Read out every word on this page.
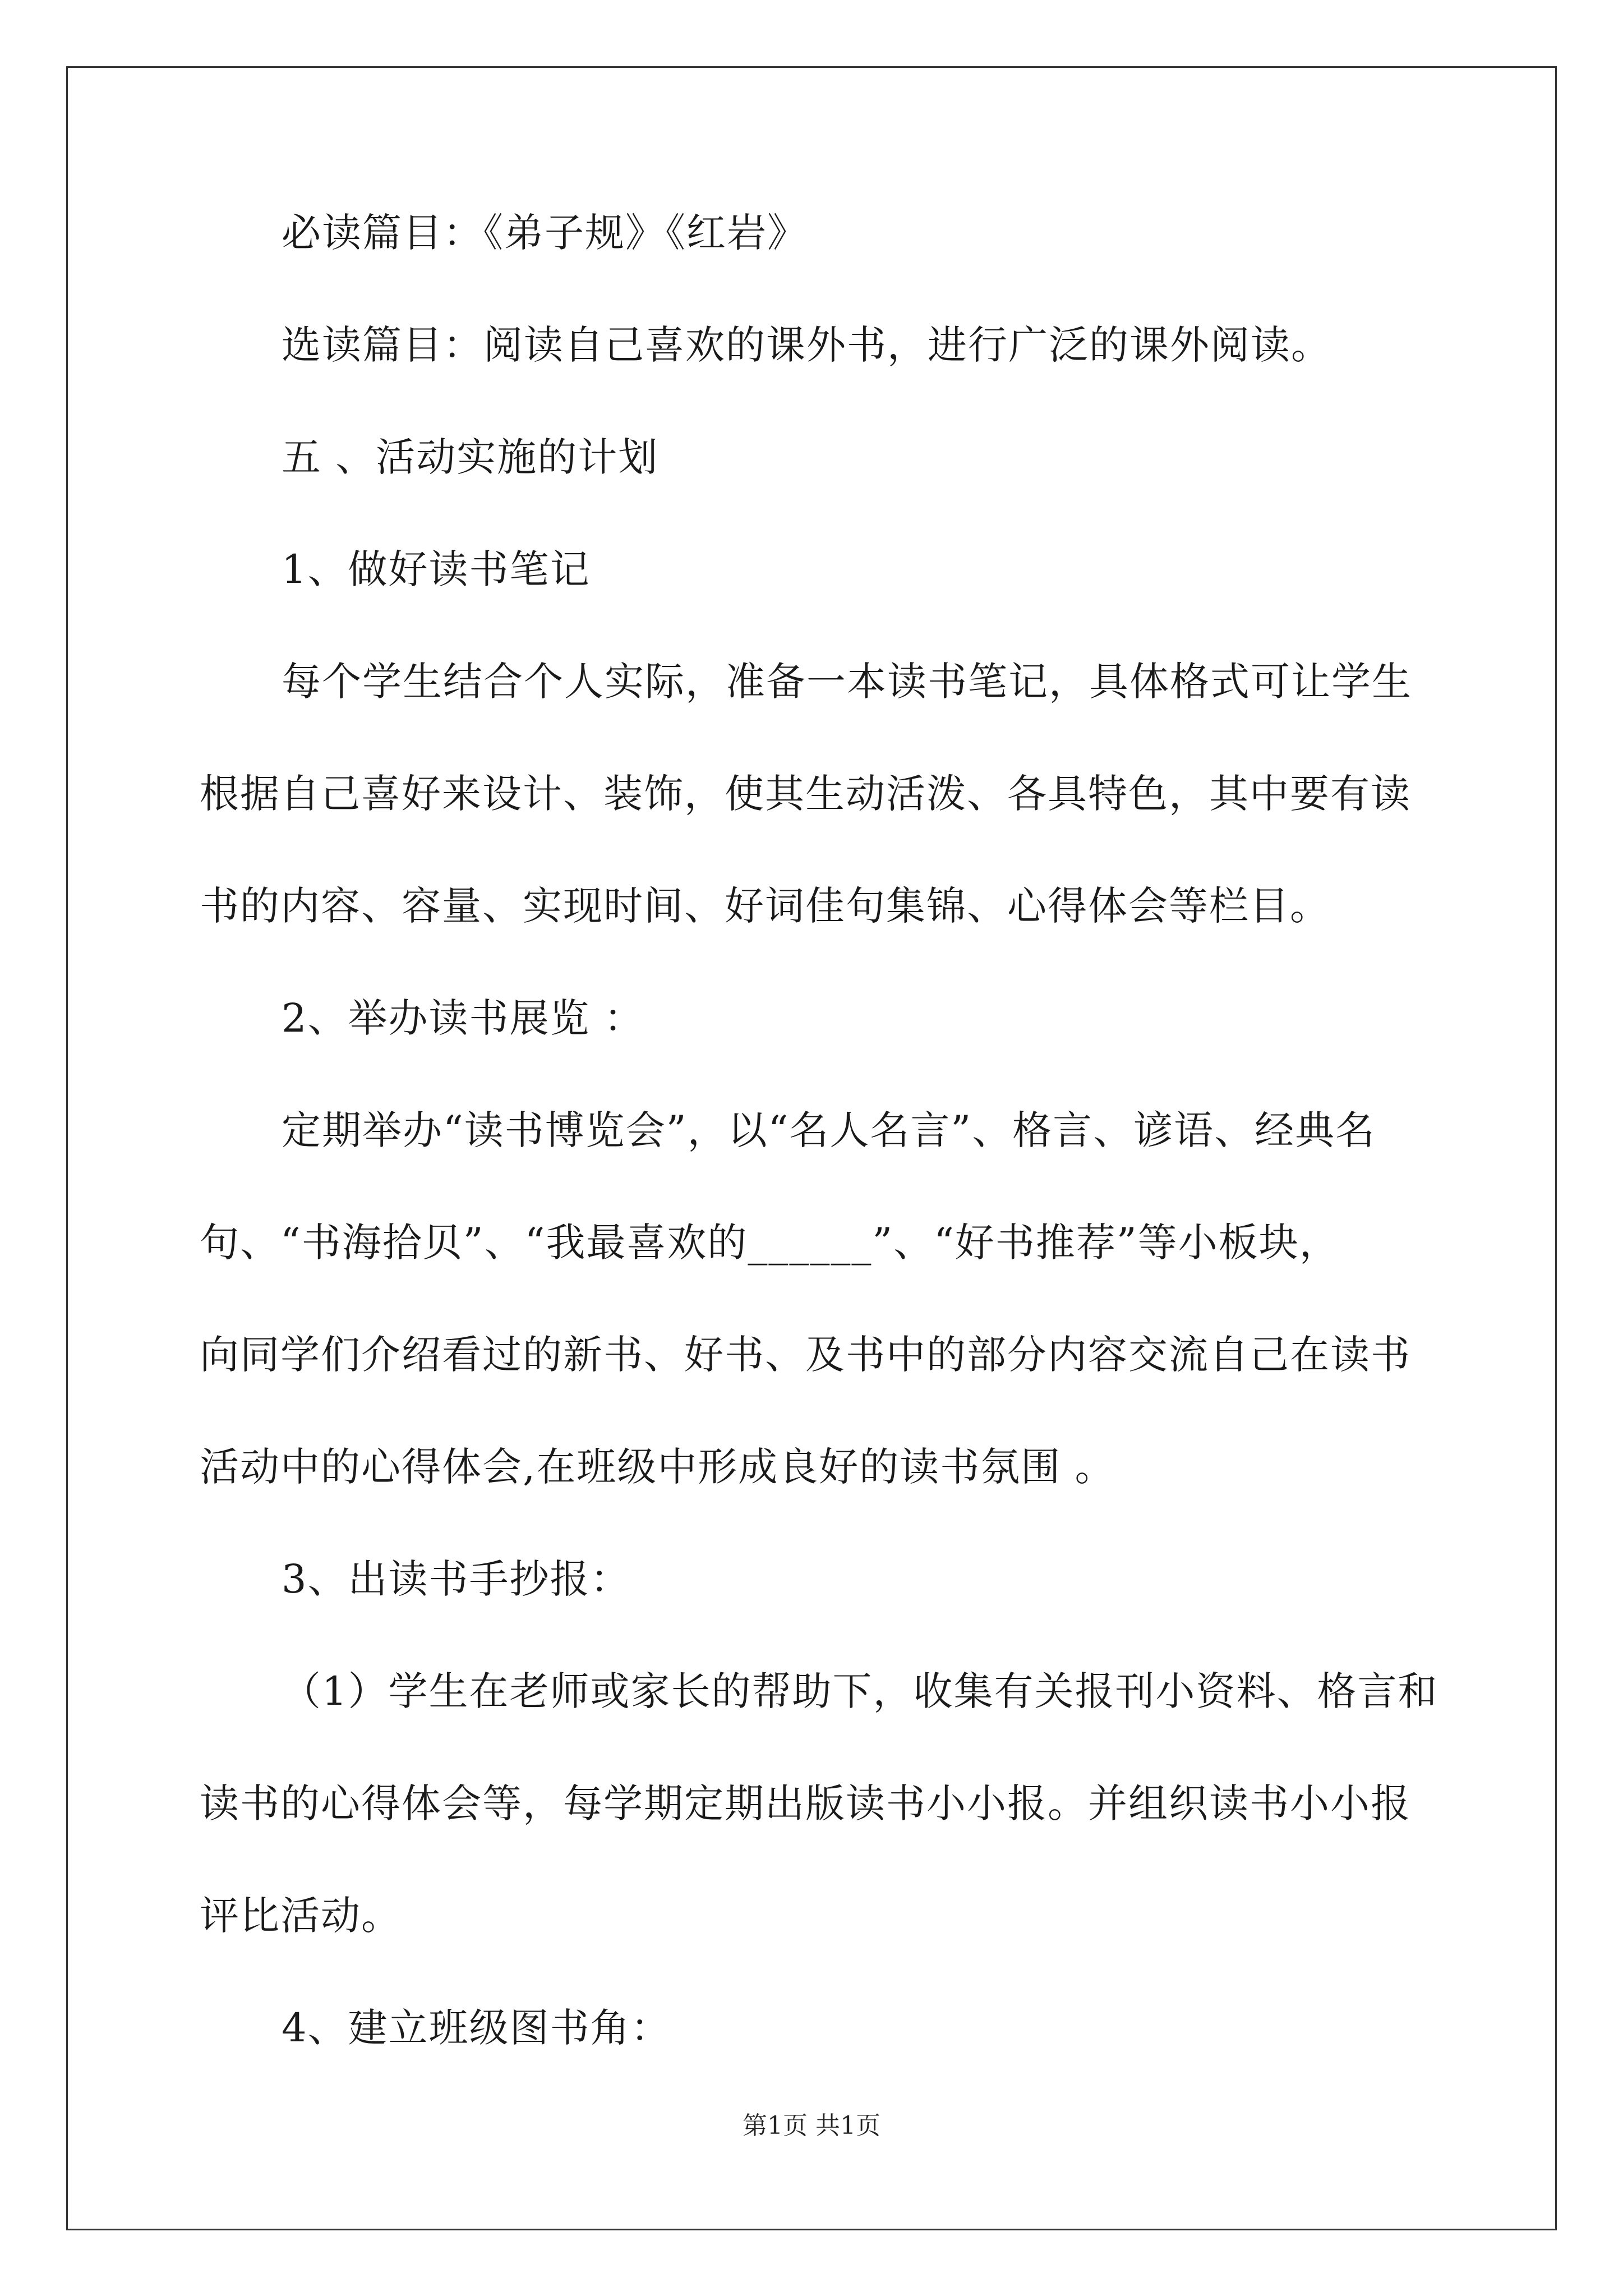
必读篇目：《弟子规》《红岩》
选读篇目：阅读自己喜欢的课外书，进行广泛的课外阅读。
五 、活动实施的计划
1、做好读书笔记
每个学生结合个人实际，准备一本读书笔记，具体格式可让学生
根据自己喜好来设计、装饰，使其生动活泼、各具特色，其中要有读
书的内容、容量、实现时间、好词佳句集锦、心得体会等栏目。
2、举办读书展览 ：
定期举办“读书博览会”，以“名人名言”、格言、谚语、经典名
句、“书海拾贝”、“我最喜欢的______”、“好书推荐”等小板块，
向同学们介绍看过的新书、好书、及书中的部分内容交流自己在读书
活动中的心得体会,在班级中形成良好的读书氛围 。
3、出读书手抄报：
（1）学生在老师或家长的帮助下，收集有关报刊小资料、格言和
读书的心得体会等，每学期定期出版读书小小报。并组织读书小小报
评比活动。
4、建立班级图书角：
第1页 共1页
